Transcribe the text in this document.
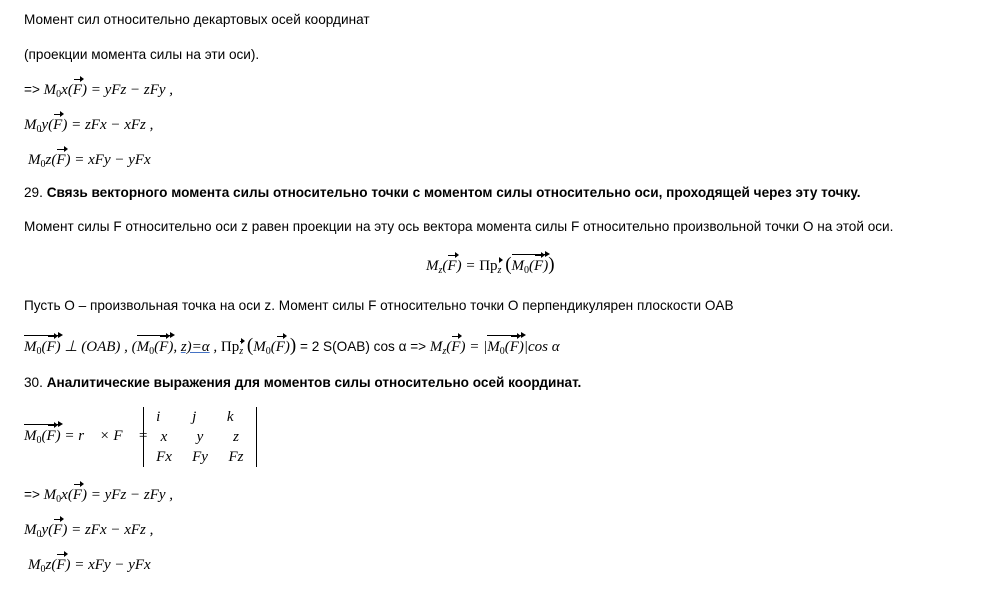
Момент сил относительно декартовых осей координат
(проекции момента силы на эти оси).
=> $M_0x(F)$ = yFz − zFy ,
$M_0y(F)$ = zFx − xFz ,
$M_0z(F)$ = xFy − yFx
29. Связь векторного момента силы относительно точки с моментом силы относительно оси, проходящей через эту точку.
Момент силы F относительно оси z равен проекции на эту ось вектора момента силы F относительно произвольной точки O на этой оси.
$M_z(F) = Пр_z$ $(M_0(F))$
Пусть O – произвольная точка на оси z. Момент силы F относительно точки O перпендикулярен плоскости OAB
$M_0(F)$ ⊥ (OAB) , ($M_0(F)$, z)=α , $Пр_z$ $(M_0(F)) = 2$ S(OAB) $\cos \alpha => M_z(F) = |M_0(F)|\cos$ α
30. Аналитические выражения для моментов силы относительно осей координат.
$M_0(F)$ = r⃗ × F⃗ =
i⃗	j⃗	k⃗
x	y	z
Fx	Fy	Fz
=> $M_0x(F)$ = yFz − zFy ,
$M_0y(F)$ = zFx − xFz ,
$M_0z(F)$ = xFy − yFx
